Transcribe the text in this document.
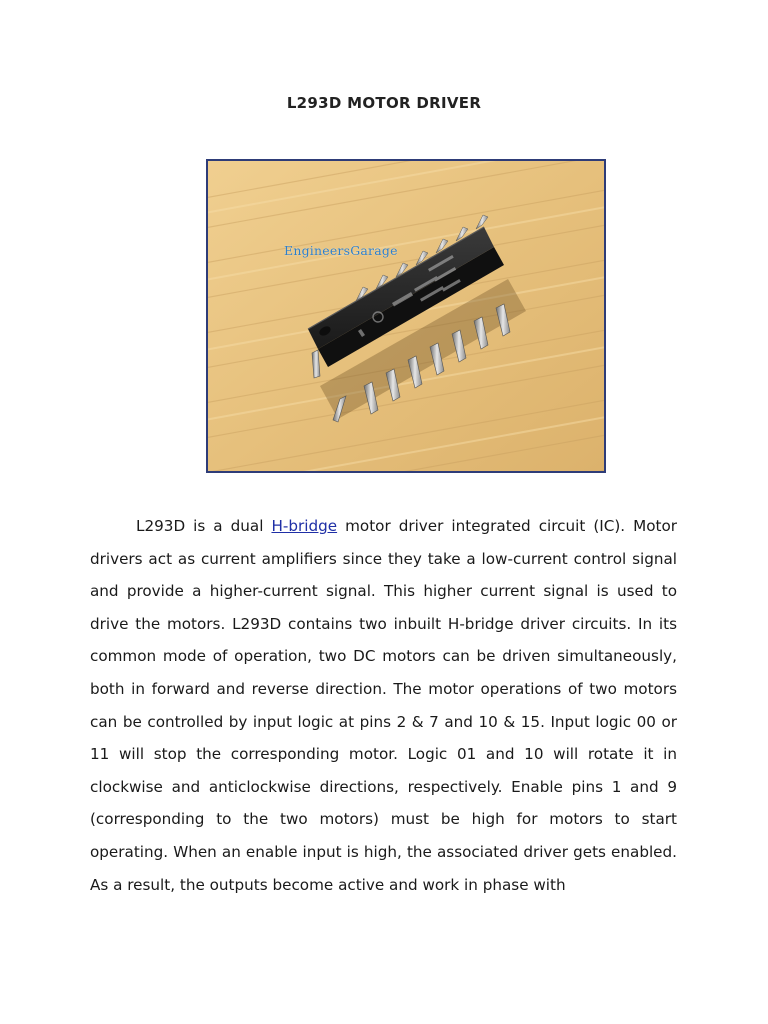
L293D MOTOR DRIVER
EngineersGarage

L293D is a dual H-bridge motor driver integrated circuit (IC). Motor drivers act as current amplifiers since they take a low-current control signal and provide a higher-current signal. This higher current signal is used to drive the motors. L293D contains two inbuilt H-bridge driver circuits. In its common mode of operation, two DC motors can be driven simultaneously, both in forward and reverse direction. The motor operations of two motors can be controlled by input logic at pins 2 & 7 and 10 & 15. Input logic 00 or 11 will stop the corresponding motor. Logic 01 and 10 will rotate it in clockwise and anticlockwise directions, respectively. Enable pins 1 and 9 (corresponding to the two motors) must be high for motors to start operating. When an enable input is high, the associated driver gets enabled. As a result, the outputs become active and work in phase with
